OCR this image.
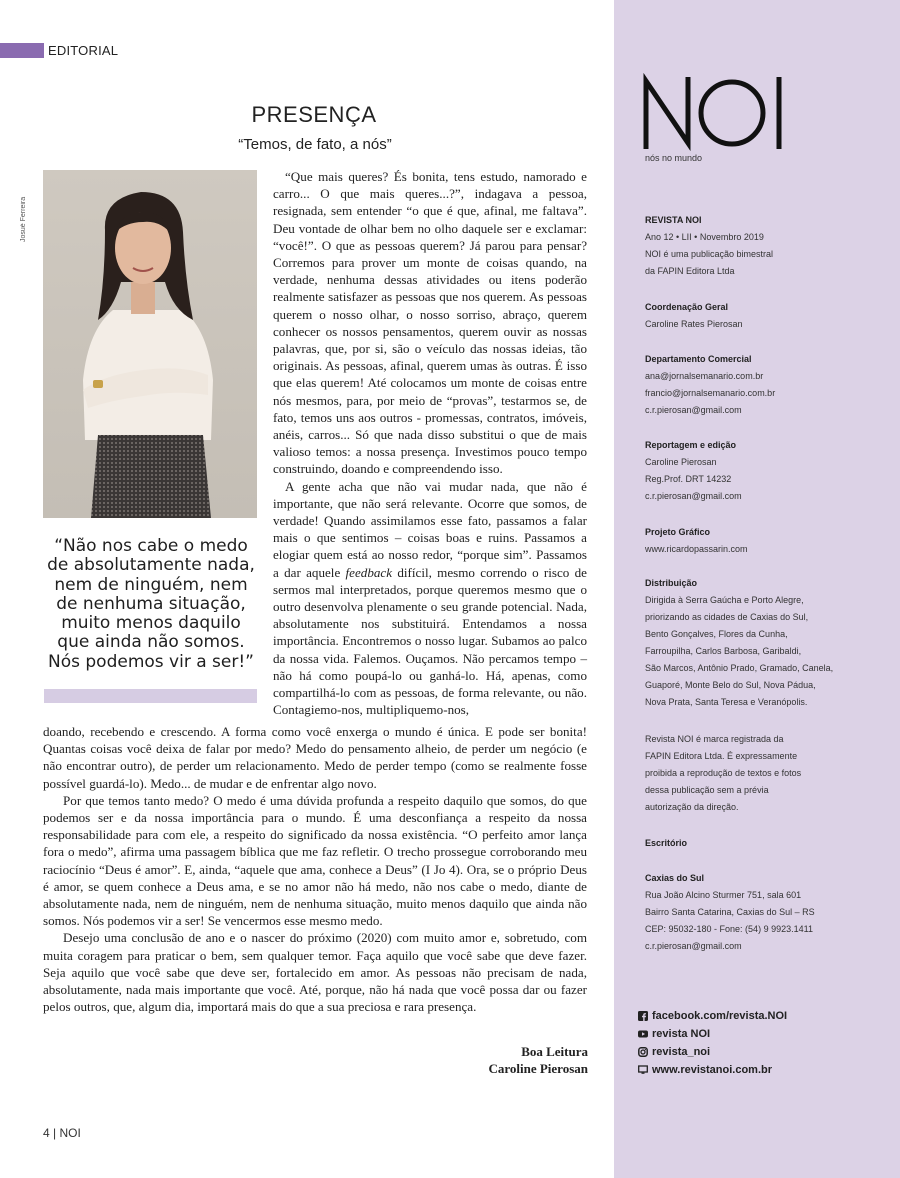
EDITORIAL
PRESENÇA
“Temos, de fato, a nós”
Josué Ferreira
“Não nos cabe o medo de absolutamente nada, nem de ninguém, nem de nenhuma situação, muito menos daquilo que ainda não somos. Nós podemos vir a ser!”

“Que mais queres? És bonita, tens estudo, namorado e carro... O que mais queres...?”, indagava a pessoa, resignada, sem entender “o que é que, afinal, me faltava”. Deu vontade de olhar bem no olho daquele ser e exclamar: “você!”. O que as pessoas querem? Já parou para pensar? Corremos para prover um monte de coisas quando, na verdade, nenhuma dessas atividades ou itens poderão realmente satisfazer as pessoas que nos querem. As pessoas querem o nosso olhar, o nosso sorriso, abraço, querem conhecer os nossos pensamentos, querem ouvir as nossas palavras, que, por si, são o veículo das nossas ideias, tão originais. As pessoas, afinal, querem umas às outras. É isso que elas querem! Até colocamos um monte de coisas entre nós mesmos, para, por meio de “provas”, testarmos se, de fato, temos uns aos outros - promessas, contratos, imóveis, anéis, carros... Só que nada disso substitui o que de mais valioso temos: a nossa presença. Investimos pouco tempo construindo, doando e compreendendo isso.

A gente acha que não vai mudar nada, que não é importante, que não será relevante. Ocorre que somos, de verdade! Quando assimilamos esse fato, passamos a falar mais o que sentimos – coisas boas e ruins. Passamos a elogiar quem está ao nosso redor, “porque sim”. Passamos a dar aquele feedback difícil, mesmo correndo o risco de sermos mal interpretados, porque queremos mesmo que o outro desenvolva plenamente o seu grande potencial. Nada, absolutamente nos substituirá. Entendamos a nossa importância. Encontremos o nosso lugar. Subamos ao palco da nossa vida. Falemos. Ouçamos. Não percamos tempo – não há como poupá-lo ou ganhá-lo. Há, apenas, como compartilhá-lo com as pessoas, de forma relevante, ou não. Contagiemo-nos, multipliquemo-nos,

doando, recebendo e crescendo. A forma como você enxerga o mundo é única. E pode ser bonita! Quantas coisas você deixa de falar por medo? Medo do pensamento alheio, de perder um negócio (e não encontrar outro), de perder um relacionamento. Medo de perder tempo (como se realmente fosse possível guardá-lo). Medo... de mudar e de enfrentar algo novo.

Por que temos tanto medo? O medo é uma dúvida profunda a respeito daquilo que somos, do que podemos ser e da nossa importância para o mundo. É uma desconfiança a respeito da nossa responsabilidade para com ele, a respeito do significado da nossa existência. “O perfeito amor lança fora o medo”, afirma uma passagem bíblica que me faz refletir. O trecho prossegue corroborando meu raciocínio “Deus é amor”. E, ainda, “aquele que ama, conhece a Deus” (I Jo 4). Ora, se o próprio Deus é amor, se quem conhece a Deus ama, e se no amor não há medo, não nos cabe o medo, diante de absolutamente nada, nem de ninguém, nem de nenhuma situação, muito menos daquilo que ainda não somos. Nós podemos vir a ser! Se vencermos esse mesmo medo.

Desejo uma conclusão de ano e o nascer do próximo (2020) com muito amor e, sobretudo, com muita coragem para praticar o bem, sem qualquer temor. Faça aquilo que você sabe que deve fazer. Seja aquilo que você sabe que deve ser, fortalecido em amor. As pessoas não precisam de nada, absolutamente, nada mais importante que você. Até, porque, não há nada que você possa dar ou fazer pelos outros, que, algum dia, importará mais do que a sua preciosa e rara presença.

Boa Leitura
Caroline Pierosan
4 | NOI
nós no mundo
REVISTA NOI
Ano 12 • LII • Novembro 2019
NOI é uma publicação bimestral
da FAPIN Editora Ltda
Coordenação Geral
Caroline Rates Pierosan
Departamento Comercial
ana@jornalsemanario.com.br
francio@jornalsemanario.com.br
c.r.pierosan@gmail.com
Reportagem e edição
Caroline Pierosan
Reg.Prof. DRT 14232
c.r.pierosan@gmail.com
Projeto Gráfico
www.ricardopassarin.com
Distribuição
Dirigida à Serra Gaúcha e Porto Alegre,
priorizando as cidades de Caxias do Sul,
Bento Gonçalves, Flores da Cunha,
Farroupilha, Carlos Barbosa, Garibaldi,
São Marcos, Antônio Prado, Gramado, Canela,
Guaporé, Monte Belo do Sul, Nova Pádua,
Nova Prata, Santa Teresa e Veranópolis.
Revista NOI é marca registrada da
FAPIN Editora Ltda. É expressamente
proibida a reprodução de textos e fotos
dessa publicação sem a prévia
autorização da direção.
Escritório
Caxias do Sul
Rua João Alcino Sturmer 751, sala 601
Bairro Santa Catarina, Caxias do Sul – RS
CEP: 95032-180 - Fone: (54) 9 9923.1411
c.r.pierosan@gmail.com
facebook.com/revista.NOI
revista NOI
revista_noi
www.revistanoi.com.br
